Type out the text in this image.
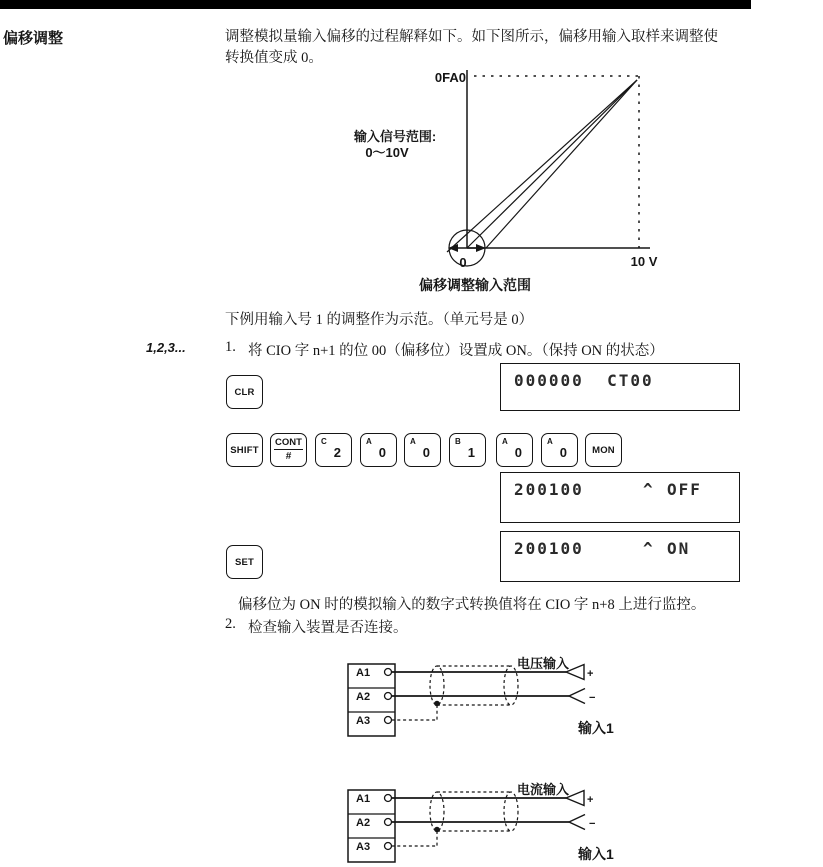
偏移调整	调整模拟量输入偏移的过程解释如下。如下图所示，偏移用输入取样来调整使
转换值变成 0。
0FA0
输入信号范围:
0～10V
0	10 V
偏移调整输入范围
下例用输入号 1 的调整作为示范。（单元号是 0）
1,2,3...	1. 将 CIO 字 n+1 的位 00（偏移位）设置成 ON。（保持 ON 的状态）
CLR
000000  CT00
SHIFT
CONT
#
C
2
A
0
A
0
B
1
A
0
A
0	MON
200100	^ OFF
SET
200100	^ ON
偏移位为 ON 时的模拟输入的数字式转换值将在 CIO 字 n+8 上进行监控。
2. 检查输入装置是否连接。
A1
A2
A3
电压输入
+
−
输入1
A1
A2
A3
电流输入
+
−
输入1
